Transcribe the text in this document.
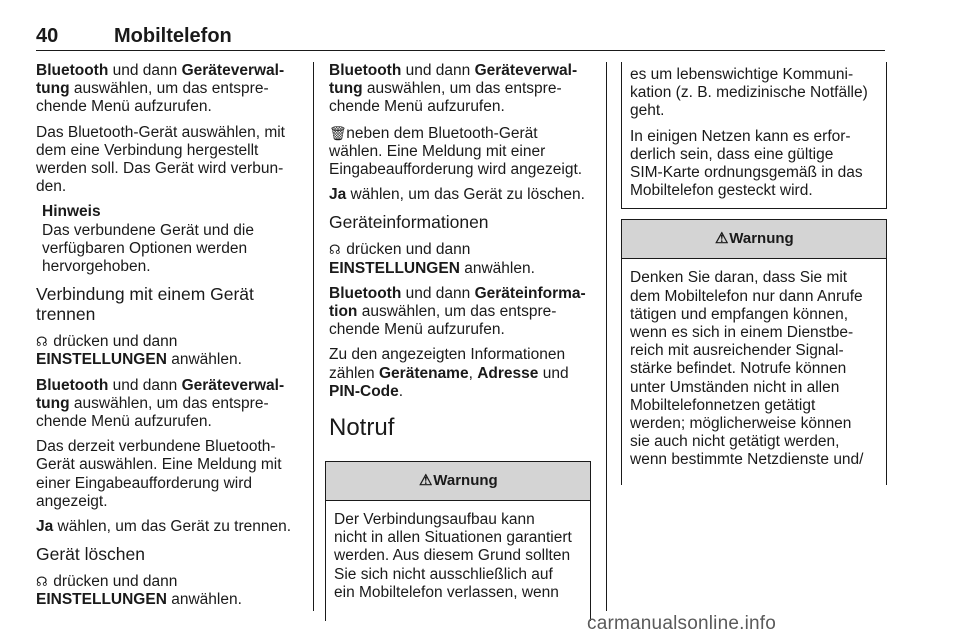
40	Mobiltelefon

Bluetooth und dann Geräteverwal-
tung auswählen, um das entspre-
chende Menü aufzurufen.

Das Bluetooth-Gerät auswählen, mit
dem eine Verbindung hergestellt
werden soll. Das Gerät wird verbun-
den.

Hinweis
Das verbundene Gerät und die
verfügbaren Optionen werden
hervorgehoben.
Verbindung mit einem Gerät
trennen

☊ drücken und dann
EINSTELLUNGEN anwählen.

Bluetooth und dann Geräteverwal-
tung auswählen, um das entspre-
chende Menü aufzurufen.

Das derzeit verbundene Bluetooth-
Gerät auswählen. Eine Meldung mit
einer Eingabeaufforderung wird
angezeigt.

Ja wählen, um das Gerät zu trennen.

Gerät löschen

☊ drücken und dann
EINSTELLUNGEN anwählen.

Bluetooth und dann Geräteverwal-
tung auswählen, um das entspre-
chende Menü aufzurufen.

🗑 neben dem Bluetooth-Gerät
wählen. Eine Meldung mit einer
Eingabeaufforderung wird angezeigt.

Ja wählen, um das Gerät zu löschen.

Geräteinformationen

☊ drücken und dann
EINSTELLUNGEN anwählen.

Bluetooth und dann Geräteinforma-
tion auswählen, um das entspre-
chende Menü aufzurufen.

Zu den angezeigten Informationen
zählen Gerätename, Adresse und
PIN-Code.

Notruf
⚠Warnung

Der Verbindungsaufbau kann
nicht in allen Situationen garantiert
werden. Aus diesem Grund sollten
Sie sich nicht ausschließlich auf
ein Mobiltelefon verlassen, wenn

es um lebenswichtige Kommuni-
kation (z. B. medizinische Notfälle)
geht.

In einigen Netzen kann es erfor-
derlich sein, dass eine gültige
SIM-Karte ordnungsgemäß in das
Mobiltelefon gesteckt wird.

⚠Warnung

Denken Sie daran, dass Sie mit
dem Mobiltelefon nur dann Anrufe
tätigen und empfangen können,
wenn es sich in einem Dienstbe-
reich mit ausreichender Signal-
stärke befindet. Notrufe können
unter Umständen nicht in allen
Mobiltelefonnetzen getätigt
werden; möglicherweise können
sie auch nicht getätigt werden,
wenn bestimmte Netzdienste und/

carmanualsonline.info
